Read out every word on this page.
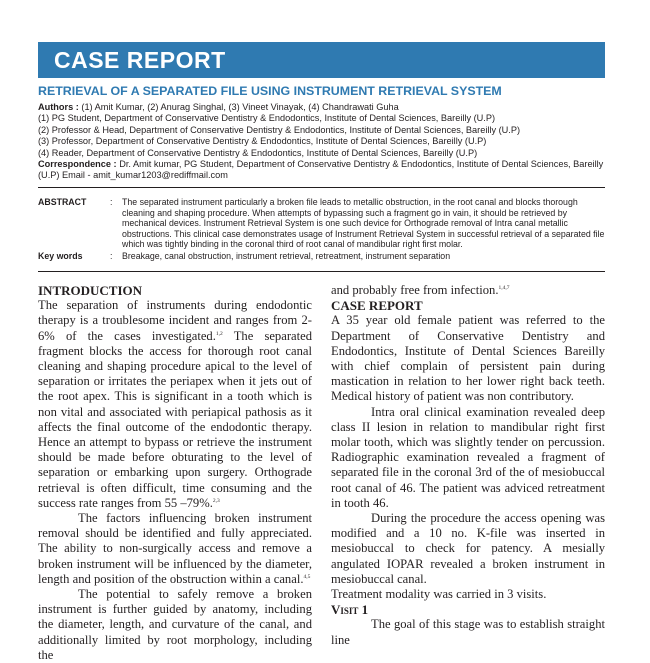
CASE REPORT
RETRIEVAL OF A SEPARATED FILE USING INSTRUMENT RETRIEVAL SYSTEM
Authors : (1) Amit Kumar, (2) Anurag Singhal, (3) Vineet Vinayak, (4) Chandrawati Guha
(1) PG Student, Department of Conservative Dentistry & Endodontics, Institute of Dental Sciences, Bareilly (U.P)
(2) Professor & Head, Department of Conservative Dentistry & Endodontics, Institute of Dental Sciences, Bareilly (U.P)
(3) Professor, Department of Conservative Dentistry & Endodontics, Institute of Dental Sciences, Bareilly (U.P)
(4) Reader, Department of Conservative Dentistry & Endodontics, Institute of Dental Sciences, Bareilly (U.P)
Correspondence : Dr. Amit kumar, PG Student, Department of Conservative Dentistry & Endodontics, Institute of Dental Sciences, Bareilly (U.P) Email - amit_kumar1203@rediffmail.com
ABSTRACT	:	The separated instrument particularly a broken file leads to metallic obstruction, in the root canal and blocks thorough cleaning and shaping procedure. When attempts of bypassing such a fragment go in vain, it should be retrieved by mechanical devices. Instrument Retrieval System is one such device for Orthograde removal of Intra canal metallic obstructions. This clinical case demonstrates usage of Instrument Retrieval System in successful retrieval of a separated file which was tightly binding in the coronal third of root canal of mandibular right first molar.
Key words	:	Breakage, canal obstruction, instrument retrieval, retreatment, instrument separation

INTRODUCTION

The separation of instruments during endodontic therapy is a troublesome incident and ranges from 2-6% of the cases investigated.$^{1,2}$ The separated fragment blocks the access for thorough root canal cleaning and shaping procedure apical to the level of separation or irritates the periapex when it jets out of the root apex. This is significant in a tooth which is non vital and associated with periapical pathosis as it affects the final outcome of the endodontic therapy. Hence an attempt to bypass or retrieve the instrument should be made before obturating to the level of separation or embarking upon surgery. Orthograde retrieval is often difficult, time consuming and the success rate ranges from 55 –79%.$^{2,3}$

The factors influencing broken instrument removal should be identified and fully appreciated. The ability to non-surgically access and remove a broken instrument will be influenced by the diameter, length and position of the obstruction within a canal.$^{4,5}$

The potential to safely remove a broken instrument is further guided by anatomy, including the diameter, length, and curvature of the canal, and additionally limited by root morphology, including the

and probably free from infection.$^{1,4,7}$

CASE REPORT

A 35 year old female patient was referred to the Department of Conservative Dentistry and Endodontics, Institute of Dental Sciences Bareilly with chief complain of persistent pain during mastication in relation to her lower right back teeth. Medical history of patient was non contributory.

Intra oral clinical examination revealed deep class II lesion in relation to mandibular right first molar tooth, which was slightly tender on percussion. Radiographic examination revealed a fragment of separated file in the coronal 3rd of the of mesiobuccal root canal of 46. The patient was adviced retreatment in tooth 46.

During the procedure the access opening was modified and a 10 no. K-file was inserted in mesiobuccal to check for patency. A mesially angulated IOPAR revealed a broken instrument in mesiobuccal canal.

Treatment modality was carried in 3 visits.

Visit 1

The goal of this stage was to establish straight line
